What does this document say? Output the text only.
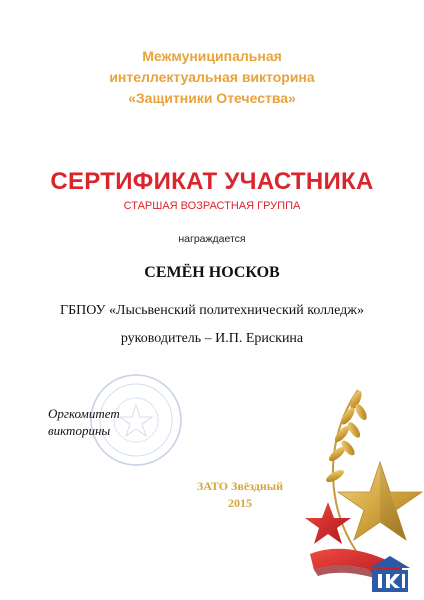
Межмуниципальная
интеллектуальная викторина
«Защитники Отечества»
СЕРТИФИКАТ УЧАСТНИКА
СТАРШАЯ ВОЗРАСТНАЯ ГРУППА
награждается
СЕМЁН НОСКОВ
ГБПОУ «Лысьвенский политехнический колледж»
руководитель – И.П. Ерискина
Оргкомитет
викторины
ЗАТО Звёздный
2015
